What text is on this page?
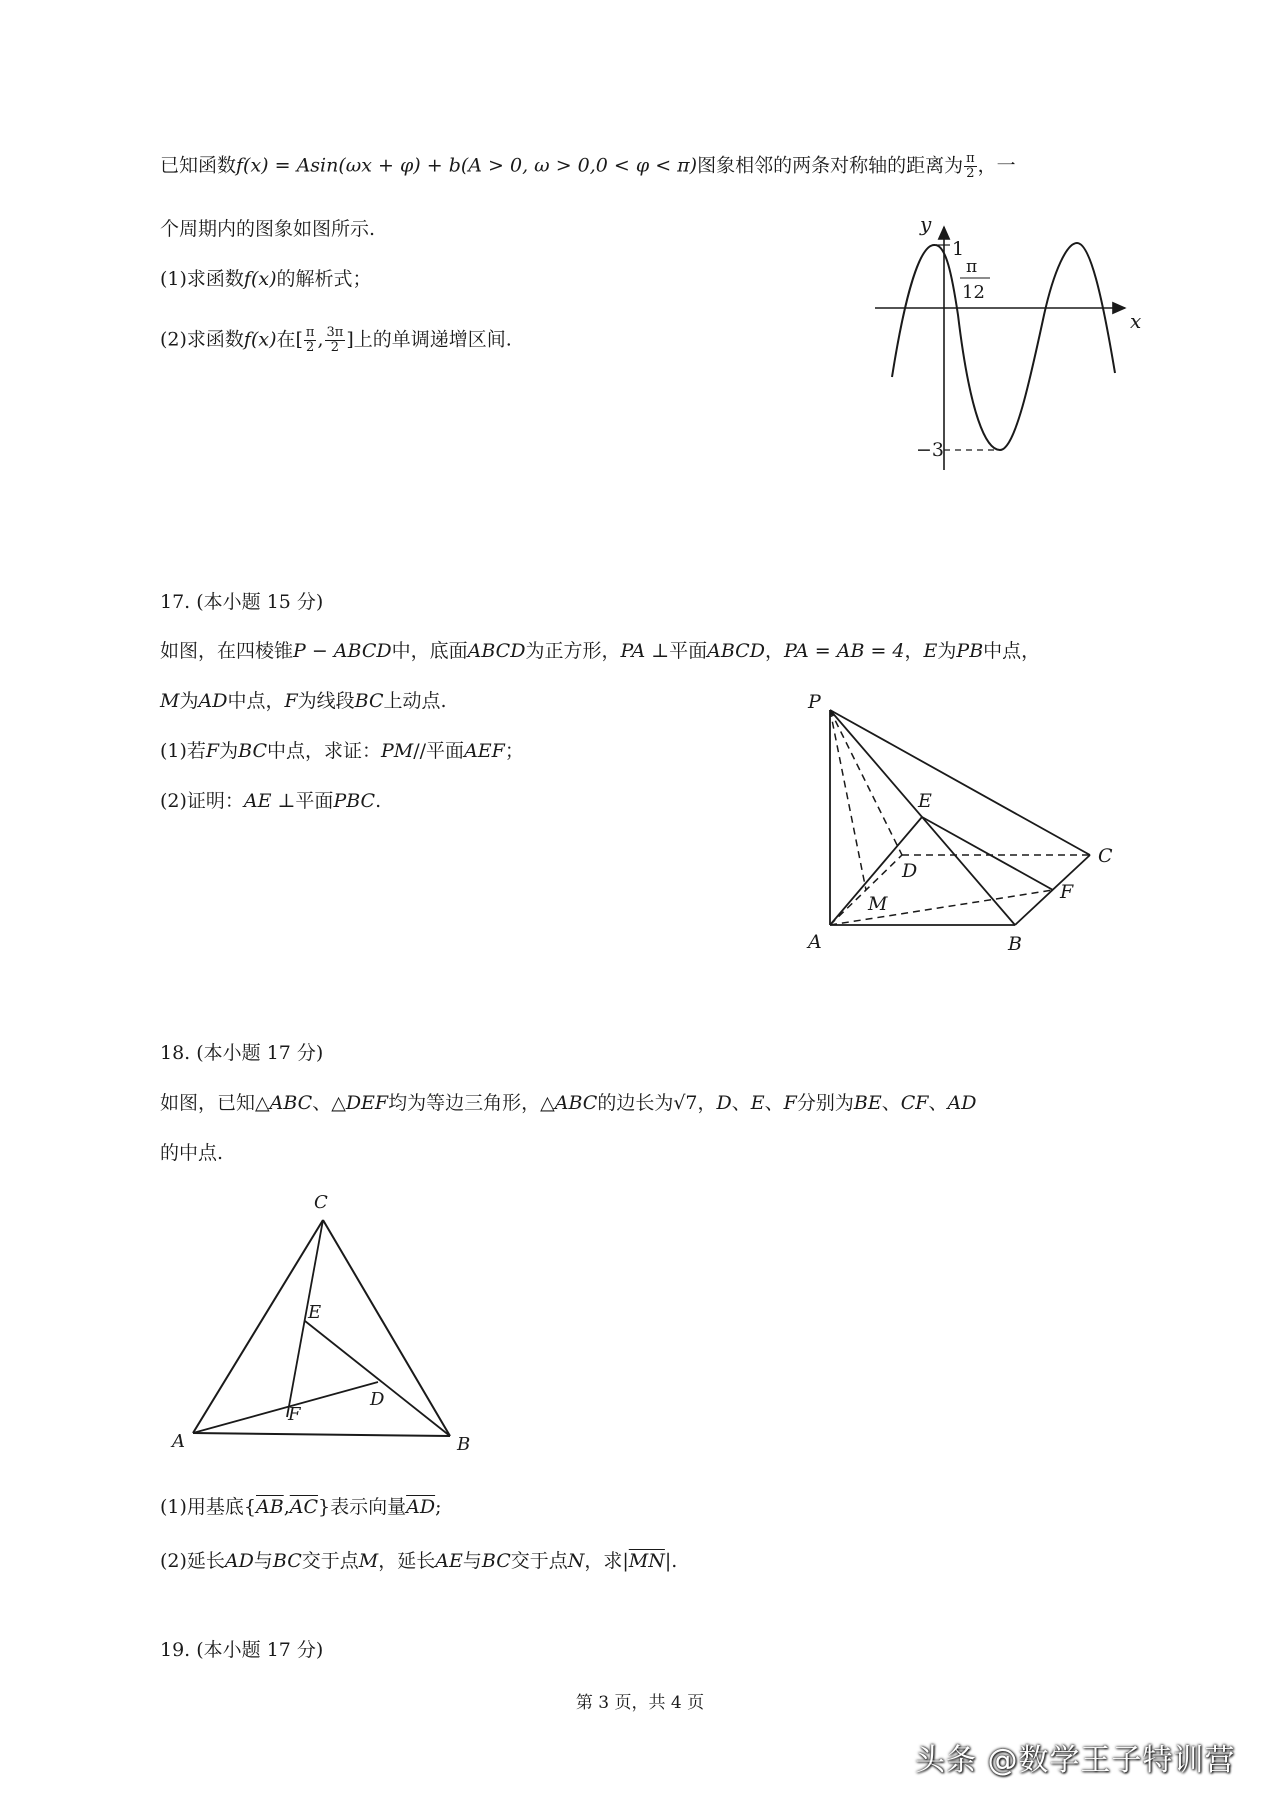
已知函数f(x) = Asin(ωx + φ) + b(A > 0, ω > 0,0 < φ < π)图象相邻的两条对称轴的距离为 $\frac{\pi}{2}$ ，一
个周期内的图象如图所示.
(1)求函数f(x)的解析式；
(2)求函数f(x)在[ $\frac{\pi}{2}$ , $\frac{3\pi}{2}$ ]上的单调递增区间.
y
x
1
π
12
−3
17. (本小题 15 分)
如图，在四棱锥P − ABCD中，底面ABCD为正方形，PA ⊥平面ABCD，PA = AB = 4，E为PB中点，
M为AD中点，F为线段BC上动点.
(1)若F为BC中点，求证：PM//平面AEF；
(2)证明：AE ⊥平面PBC.
P
E
C
D
F
M
A	B
18. (本小题 17 分)
如图，已知△ABC、△DEF均为等边三角形，△ABC的边长为√7，D、E、F分别为BE、CF、AD
的中点.
C
E
D
F
A	B
(1)用基底$\{\overline{AB},\overline{AC}\}$表示向量$\overline{AD}$;
(2)延长AD与BC交于点M，延长AE与BC交于点N，求$|\overline{MN}|$.
19. (本小题 17 分)
第 3 页，共 4 页
头条 @数学王子特训营
